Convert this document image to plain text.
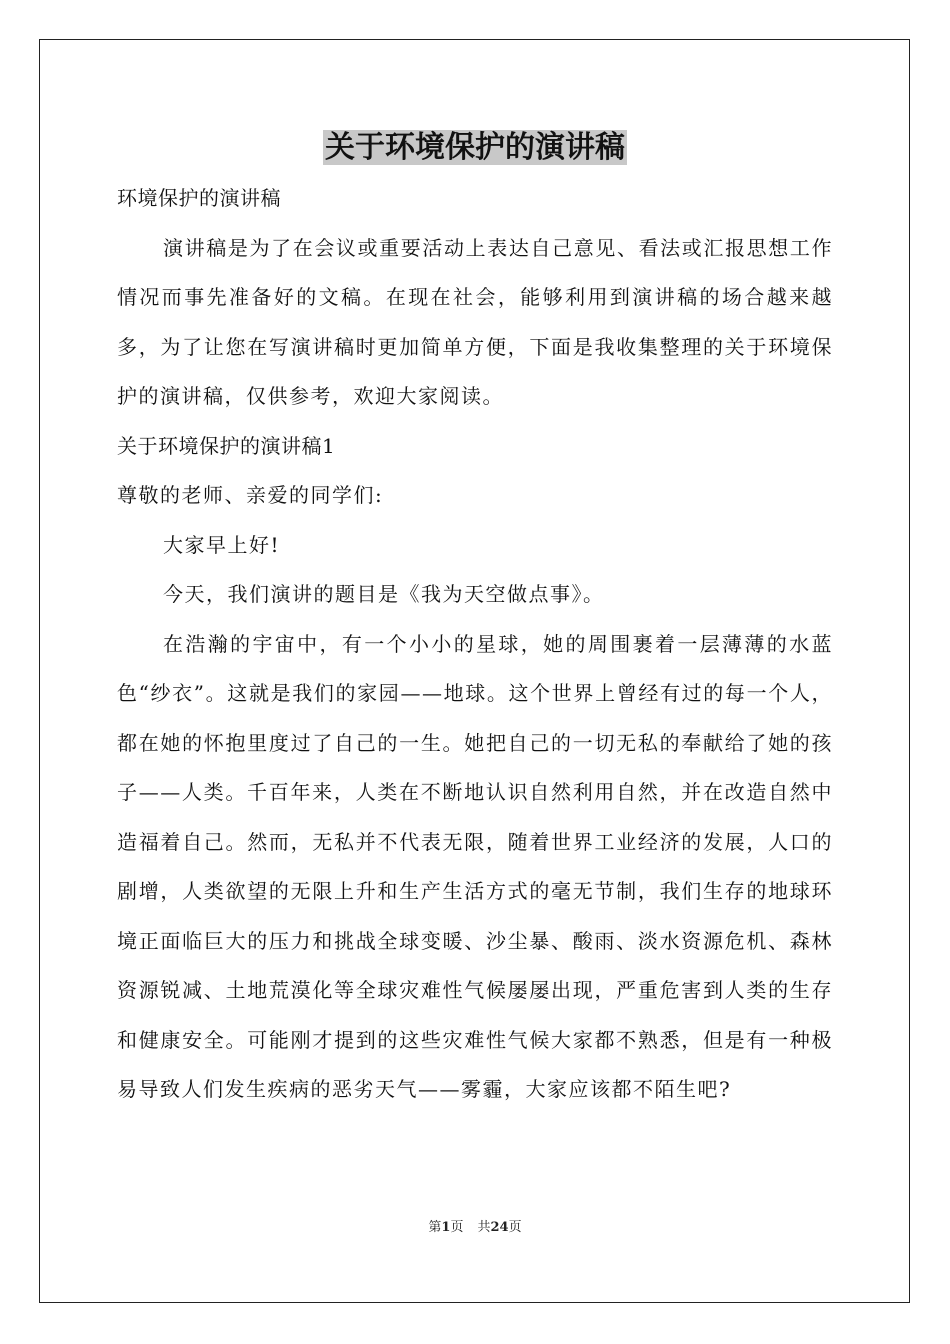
关于环境保护的演讲稿

环境保护的演讲稿

演讲稿是为了在会议或重要活动上表达自己意见、看法或汇报思想工作情况而事先准备好的文稿。在现在社会，能够利用到演讲稿的场合越来越多，为了让您在写演讲稿时更加简单方便，下面是我收集整理的关于环境保护的演讲稿，仅供参考，欢迎大家阅读。

关于环境保护的演讲稿1

尊敬的老师、亲爱的同学们:

大家早上好!

今天，我们演讲的题目是《我为天空做点事》。

在浩瀚的宇宙中，有一个小小的星球，她的周围裹着一层薄薄的水蓝色“纱衣”。这就是我们的家园——地球。这个世界上曾经有过的每一个人，都在她的怀抱里度过了自己的一生。她把自己的一切无私的奉献给了她的孩子——人类。千百年来，人类在不断地认识自然利用自然，并在改造自然中造福着自己。然而，无私并不代表无限，随着世界工业经济的发展，人口的剧增，人类欲望的无限上升和生产生活方式的毫无节制，我们生存的地球环境正面临巨大的压力和挑战全球变暖、沙尘暴、酸雨、淡水资源危机、森林资源锐减、土地荒漠化等全球灾难性气候屡屡出现，严重危害到人类的生存和健康安全。可能刚才提到的这些灾难性气候大家都不熟悉，但是有一种极易导致人们发生疾病的恶劣天气——雾霾，大家应该都不陌生吧?

第1页 共24页
